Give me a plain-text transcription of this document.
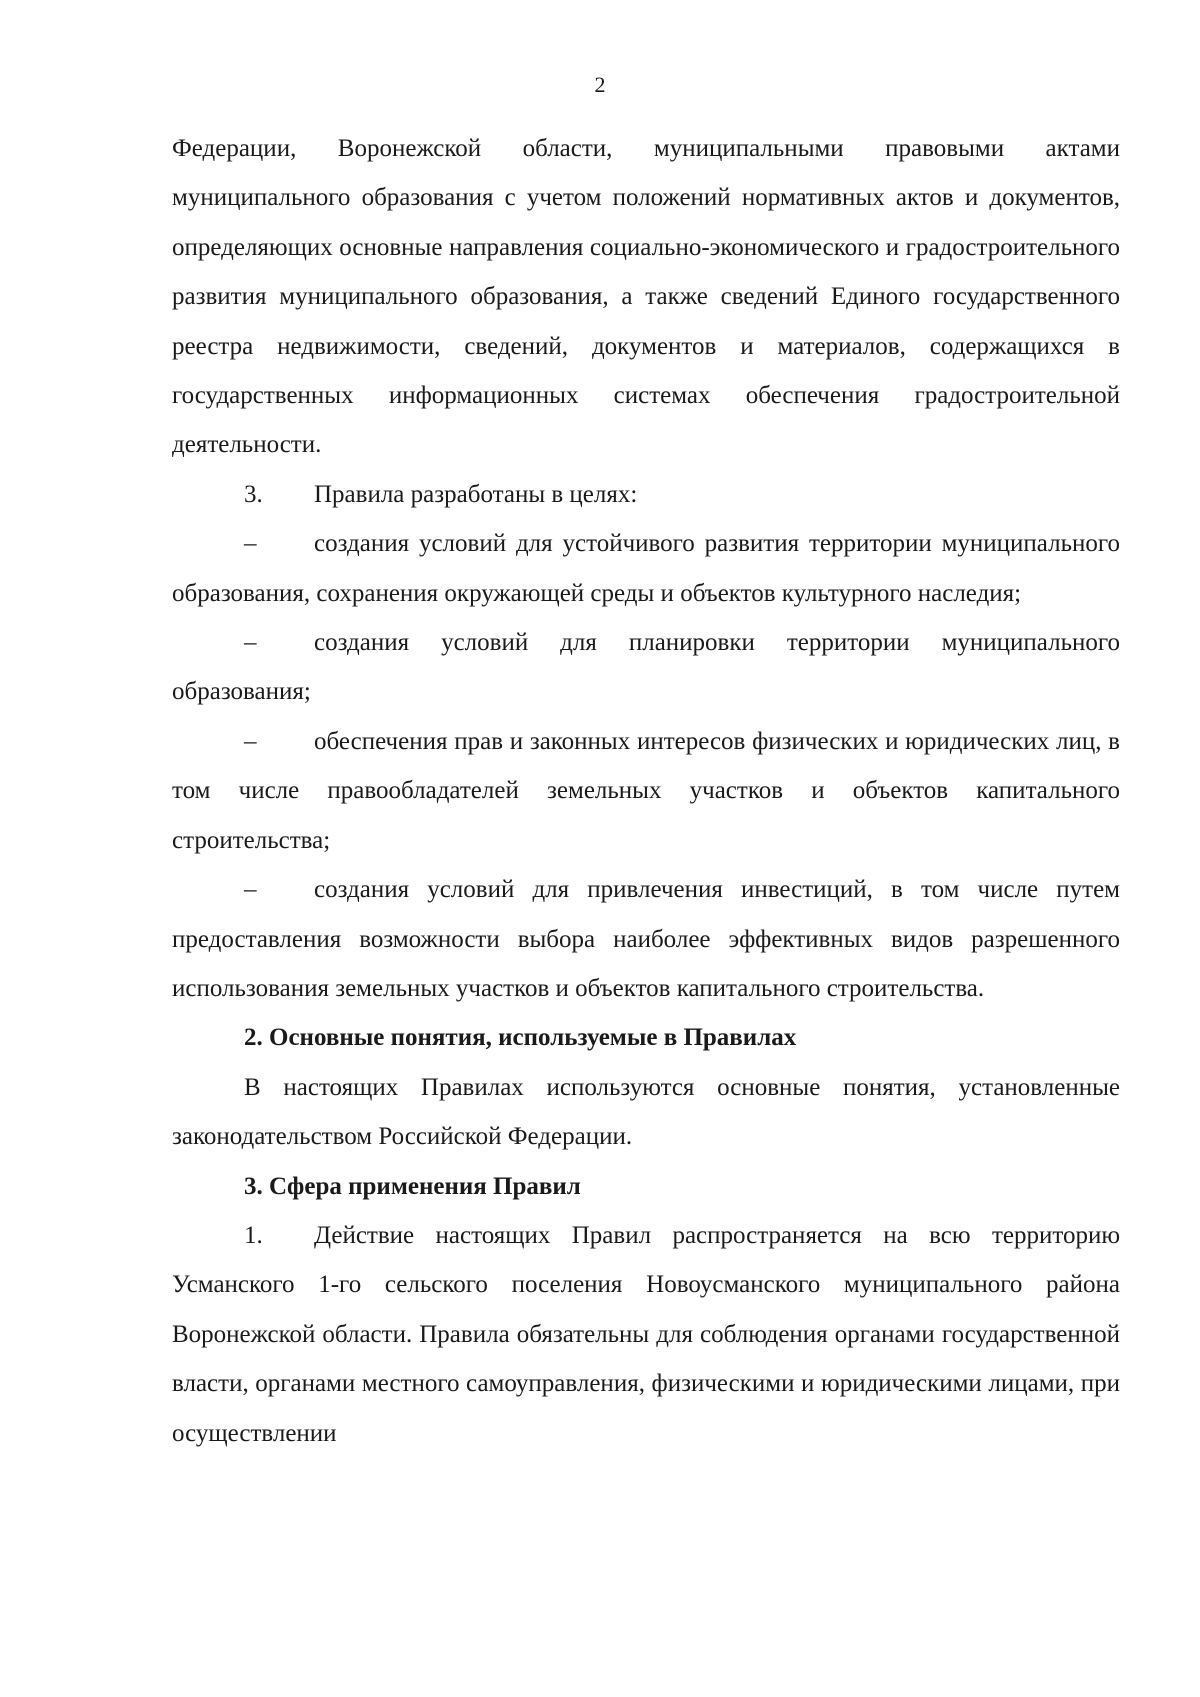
2

Федерации, Воронежской области, муниципальными правовыми актами муниципального образования с учетом положений нормативных актов и документов, определяющих основные направления социально-экономического и градостроительного развития муниципального образования, а также сведений Единого государственного реестра недвижимости, сведений, документов и материалов, содержащихся в государственных информационных системах обеспечения градостроительной деятельности.

3. Правила разработаны в целях:

– создания условий для устойчивого развития территории муниципального образования, сохранения окружающей среды и объектов культурного наследия;

– создания условий для планировки территории муниципального образования;

– обеспечения прав и законных интересов физических и юридических лиц, в том числе правообладателей земельных участков и объектов капитального строительства;

– создания условий для привлечения инвестиций, в том числе путем предоставления возможности выбора наиболее эффективных видов разрешенного использования земельных участков и объектов капитального строительства.

2. Основные понятия, используемые в Правилах

В настоящих Правилах используются основные понятия, установленные законодательством Российской Федерации.

3. Сфера применения Правил

1. Действие настоящих Правил распространяется на всю территорию Усманского 1-го сельского поселения Новоусманского муниципального района Воронежской области. Правила обязательны для соблюдения органами государственной власти, органами местного самоуправления, физическими и юридическими лицами, при осуществлении
